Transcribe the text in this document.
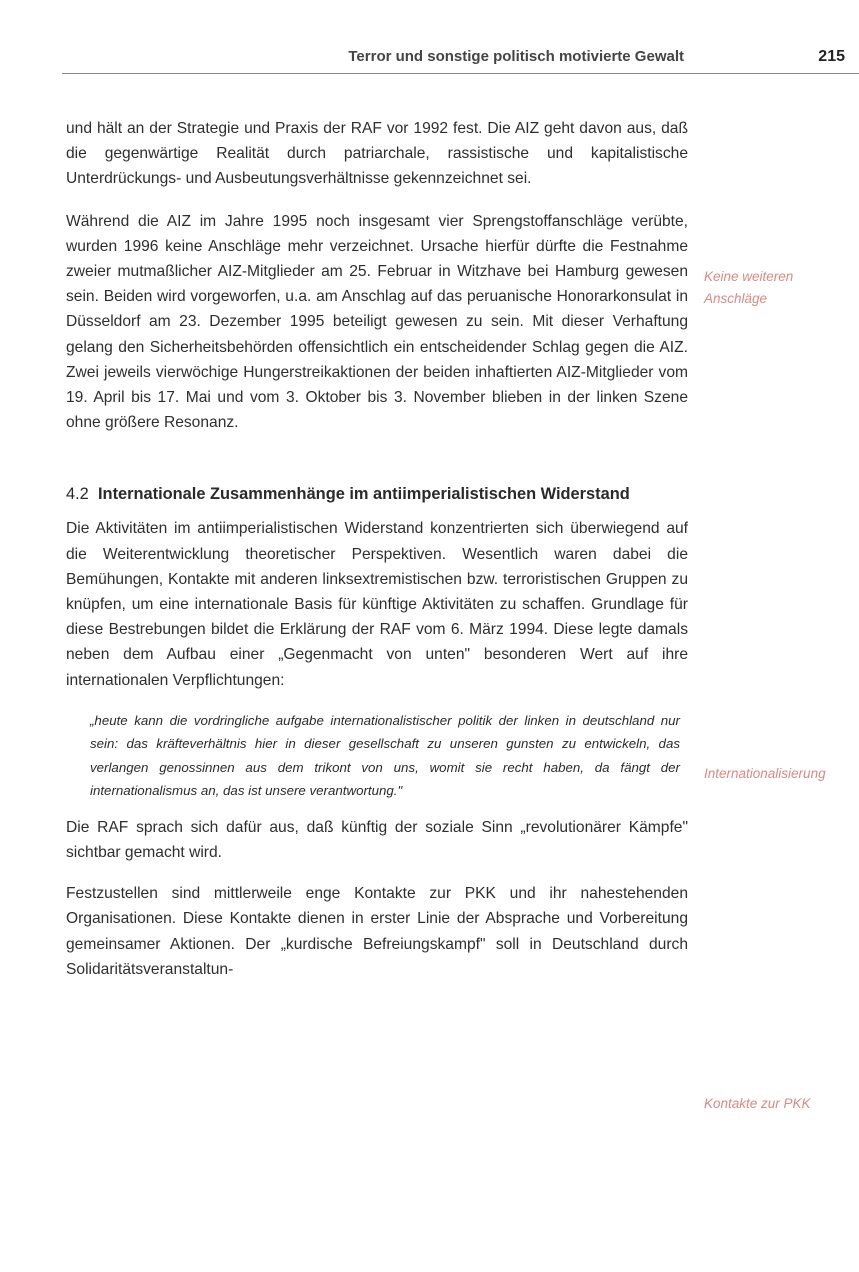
Terror und sonstige politisch motivierte Gewalt	215

und hält an der Strategie und Praxis der RAF vor 1992 fest. Die AIZ geht davon aus, daß die gegenwärtige Realität durch patriarchale, rassistische und kapitalistische Unterdrückungs- und Ausbeutungsverhältnisse gekennzeichnet sei.

Während die AIZ im Jahre 1995 noch insgesamt vier Sprengstoffanschläge verübte, wurden 1996 keine Anschläge mehr verzeichnet. Ursache hierfür dürfte die Festnahme zweier mutmaßlicher AIZ-Mitglieder am 25. Februar in Witzhave bei Hamburg gewesen sein. Beiden wird vorgeworfen, u.a. am Anschlag auf das peruanische Honorarkonsulat in Düsseldorf am 23. Dezember 1995 beteiligt gewesen zu sein. Mit dieser Verhaftung gelang den Sicherheitsbehörden offensichtlich ein entscheidender Schlag gegen die AIZ. Zwei jeweils vierwöchige Hungerstreikaktionen der beiden inhaftierten AIZ-Mitglieder vom 19. April bis 17. Mai und vom 3. Oktober bis 3. November blieben in der linken Szene ohne größere Resonanz.

4.2 Internationale Zusammenhänge im antiimperialistischen Widerstand

Die Aktivitäten im antiimperialistischen Widerstand konzentrierten sich überwiegend auf die Weiterentwicklung theoretischer Perspektiven. Wesentlich waren dabei die Bemühungen, Kontakte mit anderen linksextremistischen bzw. terroristischen Gruppen zu knüpfen, um eine internationale Basis für künftige Aktivitäten zu schaffen. Grundlage für diese Bestrebungen bildet die Erklärung der RAF vom 6. März 1994. Diese legte damals neben dem Aufbau einer „Gegenmacht von unten" besonderen Wert auf ihre internationalen Verpflichtungen:

„heute kann die vordringliche aufgabe internationalistischer politik der linken in deutschland nur sein: das kräfteverhältnis hier in dieser gesellschaft zu unseren gunsten zu entwickeln, das verlangen genossinnen aus dem trikont von uns, womit sie recht haben, da fängt der internationalismus an, das ist unsere verantwortung."

Die RAF sprach sich dafür aus, daß künftig der soziale Sinn „revolutionärer Kämpfe" sichtbar gemacht wird.

Festzustellen sind mittlerweile enge Kontakte zur PKK und ihr nahestehenden Organisationen. Diese Kontakte dienen in erster Linie der Absprache und Vorbereitung gemeinsamer Aktionen. Der „kurdische Befreiungskampf" soll in Deutschland durch Solidaritätsveranstaltun-

Keine weiteren Anschläge
Internationalisierung
Kontakte zur PKK
